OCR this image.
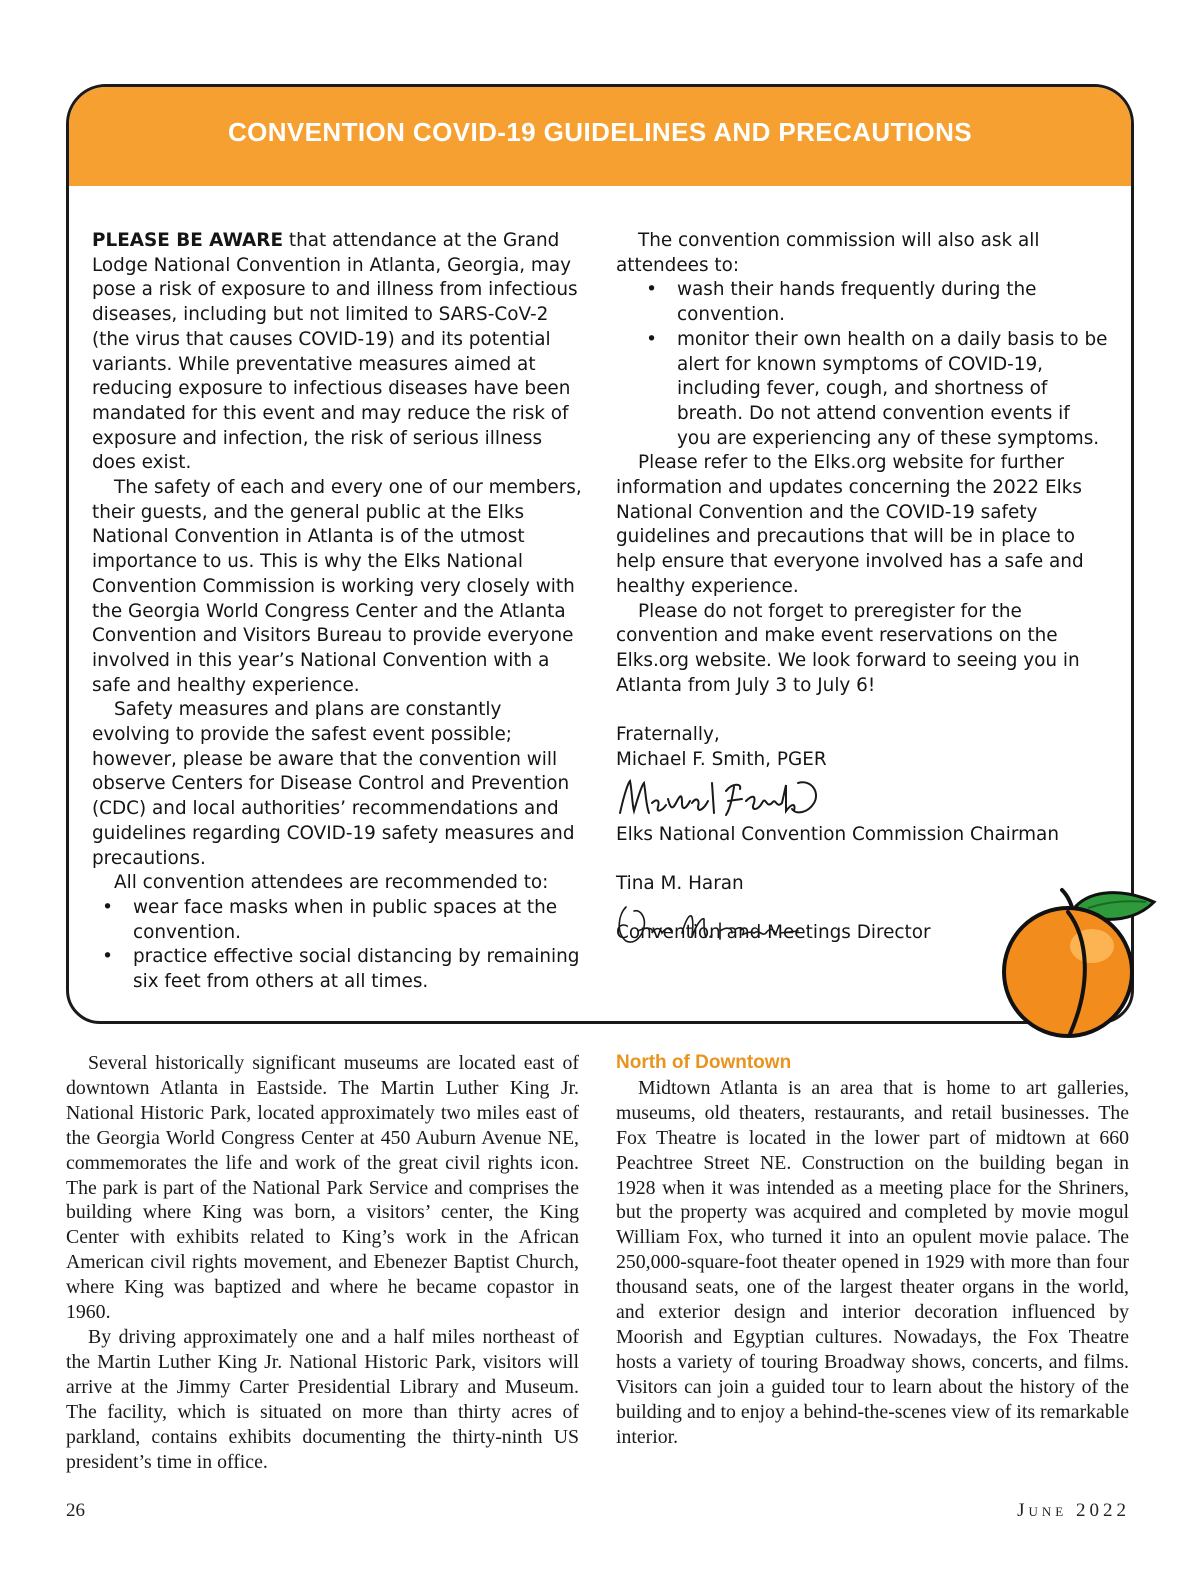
CONVENTION COVID-19 GUIDELINES AND PRECAUTIONS

PLEASE BE AWARE that attendance at the Grand Lodge National Convention in Atlanta, Georgia, may pose a risk of exposure to and illness from infectious diseases, including but not limited to SARS-CoV-2 (the virus that causes COVID-19) and its potential variants. While preventative measures aimed at reducing exposure to infectious diseases have been mandated for this event and may reduce the risk of exposure and infection, the risk of serious illness does exist.

The safety of each and every one of our members, their guests, and the general public at the Elks National Convention in Atlanta is of the utmost importance to us. This is why the Elks National Convention Commission is working very closely with the Georgia World Congress Center and the Atlanta Convention and Visitors Bureau to provide everyone involved in this year’s National Convention with a safe and healthy experience.

Safety measures and plans are constantly evolving to provide the safest event possible; however, please be aware that the convention will observe Centers for Disease Control and Prevention (CDC) and local authorities’ recommendations and guidelines regarding COVID-19 safety measures and precautions.

All convention attendees are recommended to:

•	wear face masks when in public spaces at the convention.
•	practice effective social distancing by remaining six feet from others at all times.

The convention commission will also ask all attendees to:

•	wash their hands frequently during the convention.
•	monitor their own health on a daily basis to be alert for known symptoms of COVID-19, including fever, cough, and shortness of breath. Do not attend convention events if you are experiencing any of these symptoms.

Please refer to the Elks.org website for further information and updates concerning the 2022 Elks National Convention and the COVID-19 safety guidelines and precautions that will be in place to help ensure that everyone involved has a safe and healthy experience.

Please do not forget to preregister for the convention and make event reservations on the Elks.org website. We look forward to seeing you in Atlanta from July 3 to July 6!

Fraternally,

Michael F. Smith, PGER

Elks National Convention Commission Chairman

Tina M. Haran

Convention and Meetings Director

Several historically significant museums are located east of downtown Atlanta in Eastside. The Martin Luther King Jr. National Historic Park, located approximately two miles east of the Georgia World Congress Center at 450 Auburn Avenue NE, commemorates the life and work of the great civil rights icon. The park is part of the National Park Service and comprises the building where King was born, a visitors’ center, the King Center with exhibits related to King’s work in the African American civil rights movement, and Ebenezer Baptist Church, where King was baptized and where he became copastor in 1960.

By driving approximately one and a half miles northeast of the Martin Luther King Jr. National Historic Park, visitors will arrive at the Jimmy Carter Presidential Library and Museum. The facility, which is situated on more than thirty acres of parkland, contains exhibits documenting the thirty-ninth US president’s time in office.

North of Downtown

Midtown Atlanta is an area that is home to art galleries, museums, old theaters, restaurants, and retail businesses. The Fox Theatre is located in the lower part of midtown at 660 Peachtree Street NE. Construction on the building began in 1928 when it was intended as a meeting place for the Shriners, but the property was acquired and completed by movie mogul William Fox, who turned it into an opulent movie palace. The 250,000-square-foot theater opened in 1929 with more than four thousand seats, one of the largest theater organs in the world, and exterior design and interior decoration influenced by Moorish and Egyptian cultures. Nowadays, the Fox Theatre hosts a variety of touring Broadway shows, concerts, and films. Visitors can join a guided tour to learn about the history of the building and to enjoy a behind-the-scenes view of its remarkable interior.

26	June 2022
